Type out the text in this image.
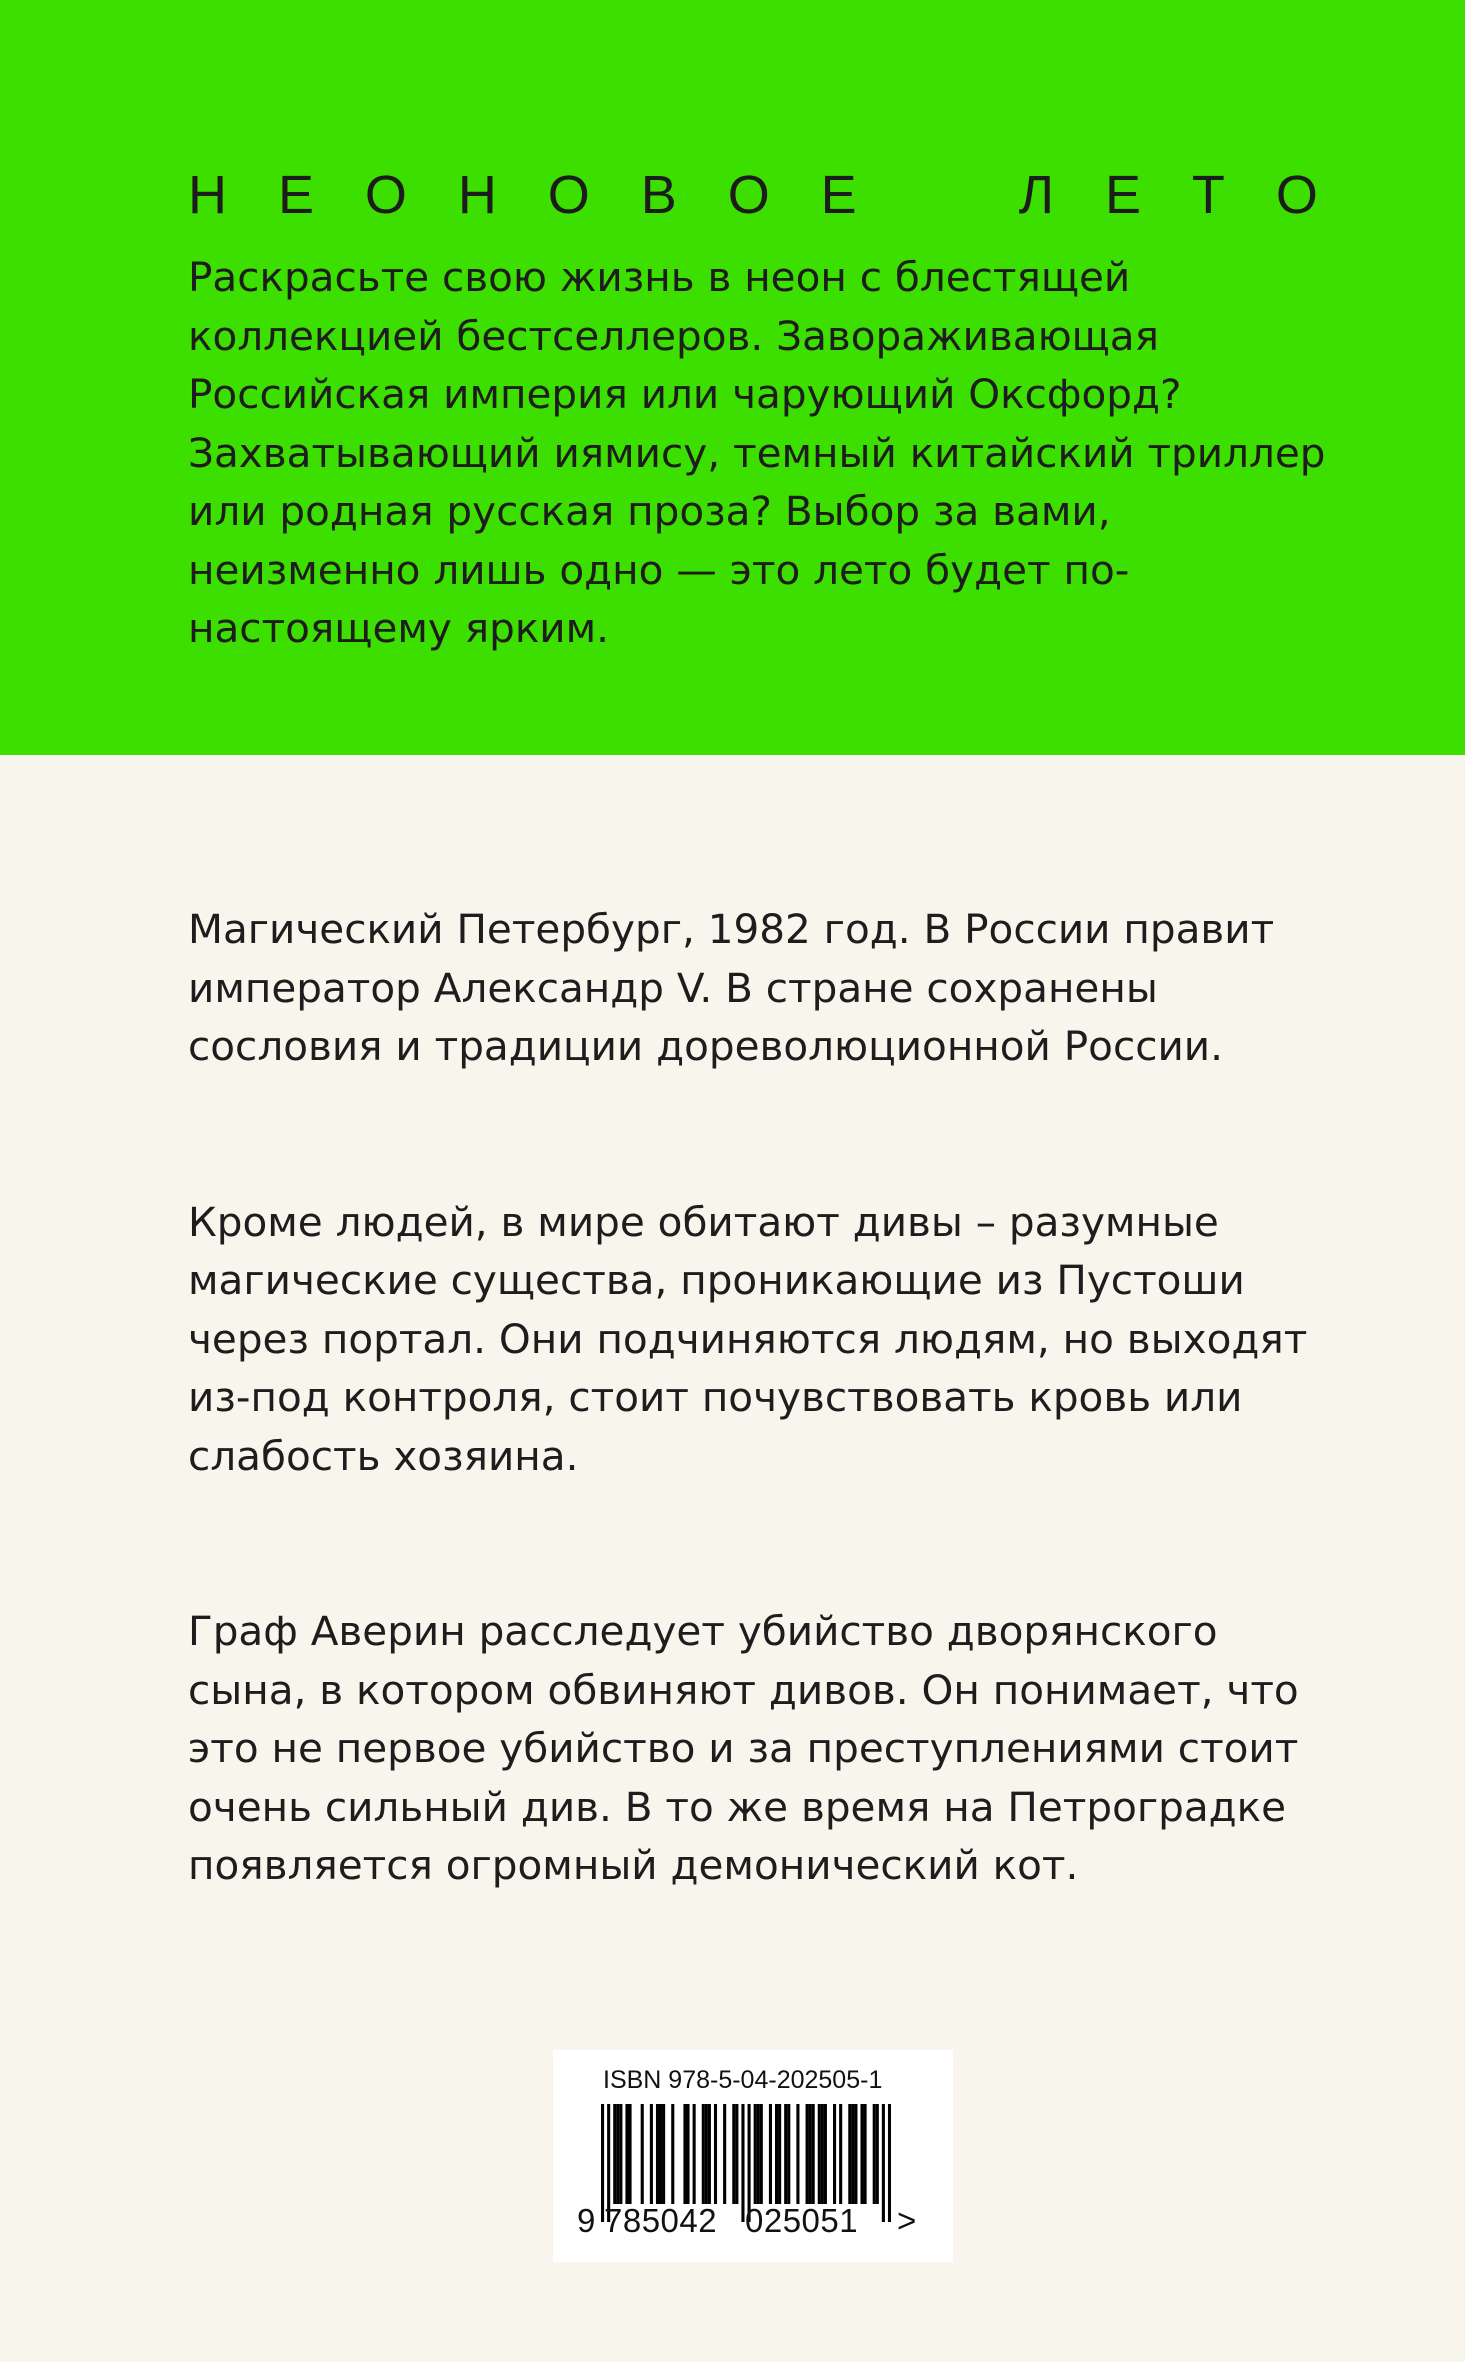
Н Е О Н О В О Е	Л Е Т О

Раскрасьте свою жизнь в неон с блестящей коллекцией бестселлеров. Завораживающая Российская империя или чарующий Оксфорд? Захватывающий иямису, темный китайский триллер или родная русская проза? Выбор за вами, неизменно лишь одно — это лето будет по-настоящему ярким.

Магический Петербург, 1982 год. В России правит император Александр V. В стране сохранены сословия и традиции дореволюционной России.

Кроме людей, в мире обитают дивы – разумные магические существа, проникающие из Пустоши через портал. Они подчиняются людям, но выходят из-под контроля, стоит почувствовать кровь или слабость хозяина.

Граф Аверин расследует убийство дворянского сына, в котором обвиняют дивов. Он понимает, что это не первое убийство и за преступлениями стоит очень сильный див. В то же время на Петроградке появляется огромный демонический кот.

ISBN 978-5-04-202505-1
9 785042 025051 >
